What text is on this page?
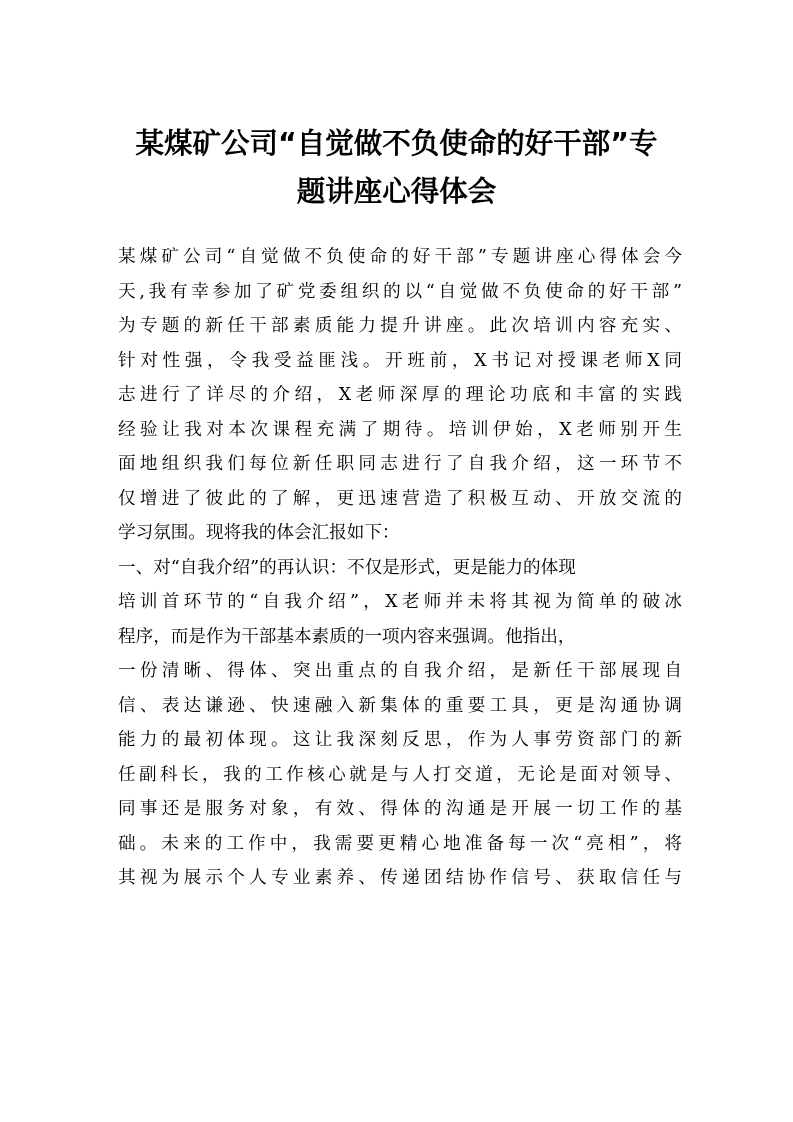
某煤矿公司“自觉做不负使命的好干部”专
题讲座心得体会
某煤矿公司“自觉做不负使命的好干部”专题讲座心得体会今
天,我有幸参加了矿党委组织的以“自觉做不负使命的好干部”
为专题的新任干部素质能力提升讲座。此次培训内容充实、
针对性强，令我受益匪浅。开班前，X书记对授课老师X同
志进行了详尽的介绍，X老师深厚的理论功底和丰富的实践
经验让我对本次课程充满了期待。培训伊始，X老师别开生
面地组织我们每位新任职同志进行了自我介绍，这一环节不
仅增进了彼此的了解，更迅速营造了积极互动、开放交流的
学习氛围。现将我的体会汇报如下：
一、对“自我介绍”的再认识：不仅是形式，更是能力的体现
培训首环节的“自我介绍”，X老师并未将其视为简单的破冰
程序，而是作为干部基本素质的一项内容来强调。他指出，
一份清晰、得体、突出重点的自我介绍，是新任干部展现自
信、表达谦逊、快速融入新集体的重要工具，更是沟通协调
能力的最初体现。这让我深刻反思，作为人事劳资部门的新
任副科长，我的工作核心就是与人打交道，无论是面对领导、
同事还是服务对象，有效、得体的沟通是开展一切工作的基
础。未来的工作中，我需要更精心地准备每一次“亮相”，将
其视为展示个人专业素养、传递团结协作信号、获取信任与
